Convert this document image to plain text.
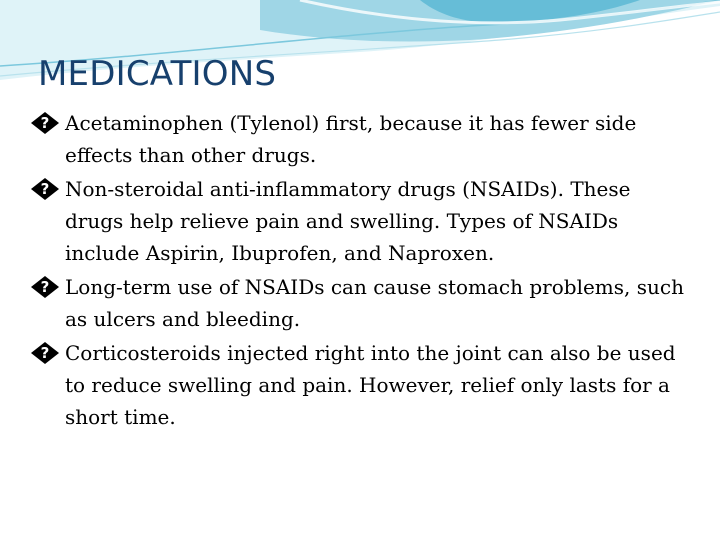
MEDICATIONS
? Acetaminophen (Tylenol) first, because it has fewer side effects than other drugs.
? Non-steroidal anti-inflammatory drugs (NSAIDs). These drugs help relieve pain and swelling. Types of NSAIDs include Aspirin, Ibuprofen, and Naproxen.
? Long-term use of NSAIDs can cause stomach problems, such as ulcers and bleeding.
? Corticosteroids injected right into the joint can also be used to reduce swelling and pain. However, relief only lasts for a short time.
